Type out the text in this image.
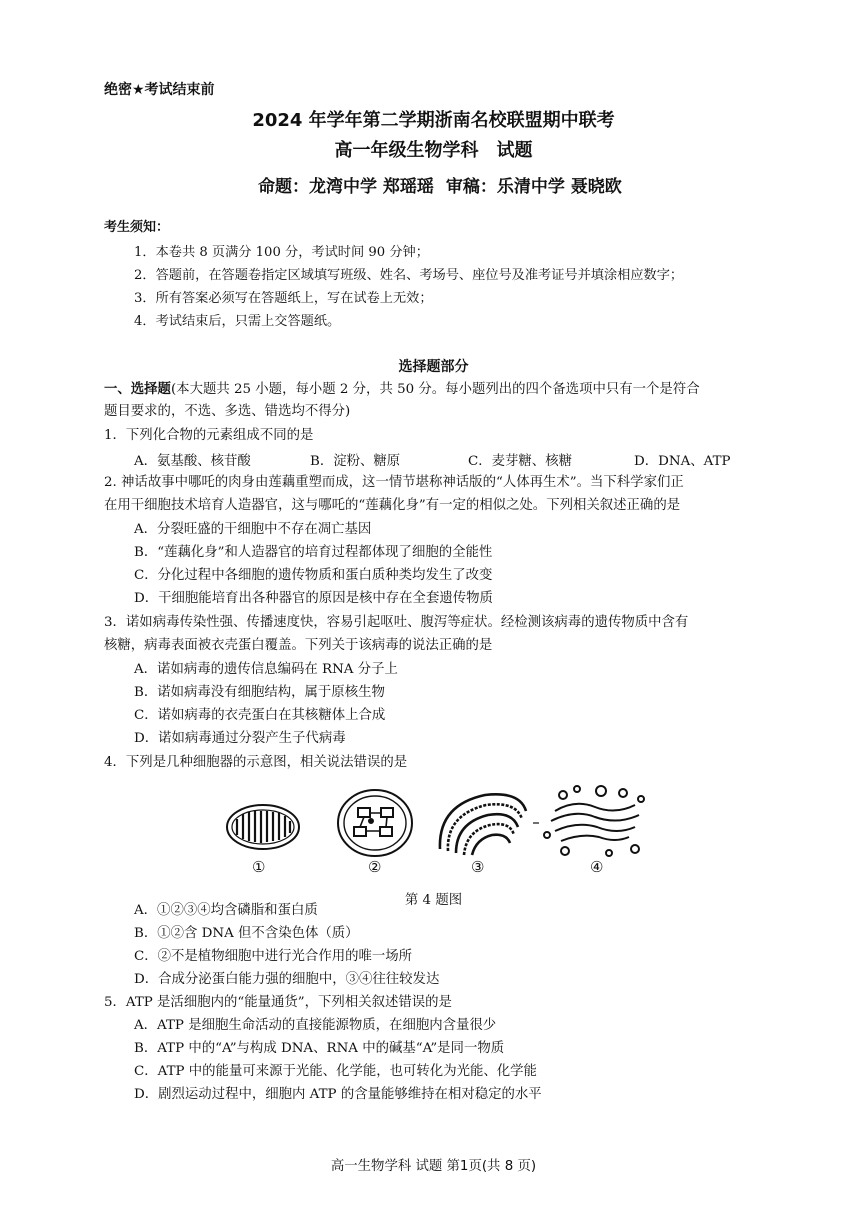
绝密★考试结束前
2024 年学年第二学期浙南名校联盟期中联考
高一年级生物学科　试题
命题：龙湾中学 郑瑶瑶 审稿：乐清中学 聂晓欧
考生须知：
1．本卷共 8 页满分 100 分，考试时间 90 分钟；
2．答题前，在答题卷指定区域填写班级、姓名、考场号、座位号及准考证号并填涂相应数字；
3．所有答案必须写在答题纸上，写在试卷上无效；
4．考试结束后，只需上交答题纸。
选择题部分
一、选择题(本大题共 25 小题，每小题 2 分，共 50 分。每小题列出的四个备选项中只有一个是符合
题目要求的，不选、多选、错选均不得分)
1．下列化合物的元素组成不同的是
A．氨基酸、核苷酸	B．淀粉、糖原	C．麦芽糖、核糖	D．DNA、ATP
2. 神话故事中哪吒的肉身由莲藕重塑而成，这一情节堪称神话版的“人体再生术”。当下科学家们正
在用干细胞技术培育人造器官，这与哪吒的“莲藕化身”有一定的相似之处。下列相关叙述正确的是
A．分裂旺盛的干细胞中不存在凋亡基因
B．“莲藕化身”和人造器官的培育过程都体现了细胞的全能性
C．分化过程中各细胞的遗传物质和蛋白质种类均发生了改变
D．干细胞能培育出各种器官的原因是核中存在全套遗传物质
3．诺如病毒传染性强、传播速度快，容易引起呕吐、腹泻等症状。经检测该病毒的遗传物质中含有
核糖，病毒表面被衣壳蛋白覆盖。下列关于该病毒的说法正确的是
A．诺如病毒的遗传信息编码在 RNA 分子上
B．诺如病毒没有细胞结构，属于原核生物
C．诺如病毒的衣壳蛋白在其核糖体上合成
D．诺如病毒通过分裂产生子代病毒
4．下列是几种细胞器的示意图，相关说法错误的是
①	②	③	④
第 4 题图
A．①②③④均含磷脂和蛋白质
B．①②含 DNA 但不含染色体（质）
C．②不是植物细胞中进行光合作用的唯一场所
D．合成分泌蛋白能力强的细胞中，③④往往较发达
5．ATP 是活细胞内的“能量通货”，下列相关叙述错误的是
A．ATP 是细胞生命活动的直接能源物质，在细胞内含量很少
B．ATP 中的“A”与构成 DNA、RNA 中的碱基“A”是同一物质
C．ATP 中的能量可来源于光能、化学能，也可转化为光能、化学能
D．剧烈运动过程中，细胞内 ATP 的含量能够维持在相对稳定的水平
高一生物学科 试题 第1页(共 8 页)
